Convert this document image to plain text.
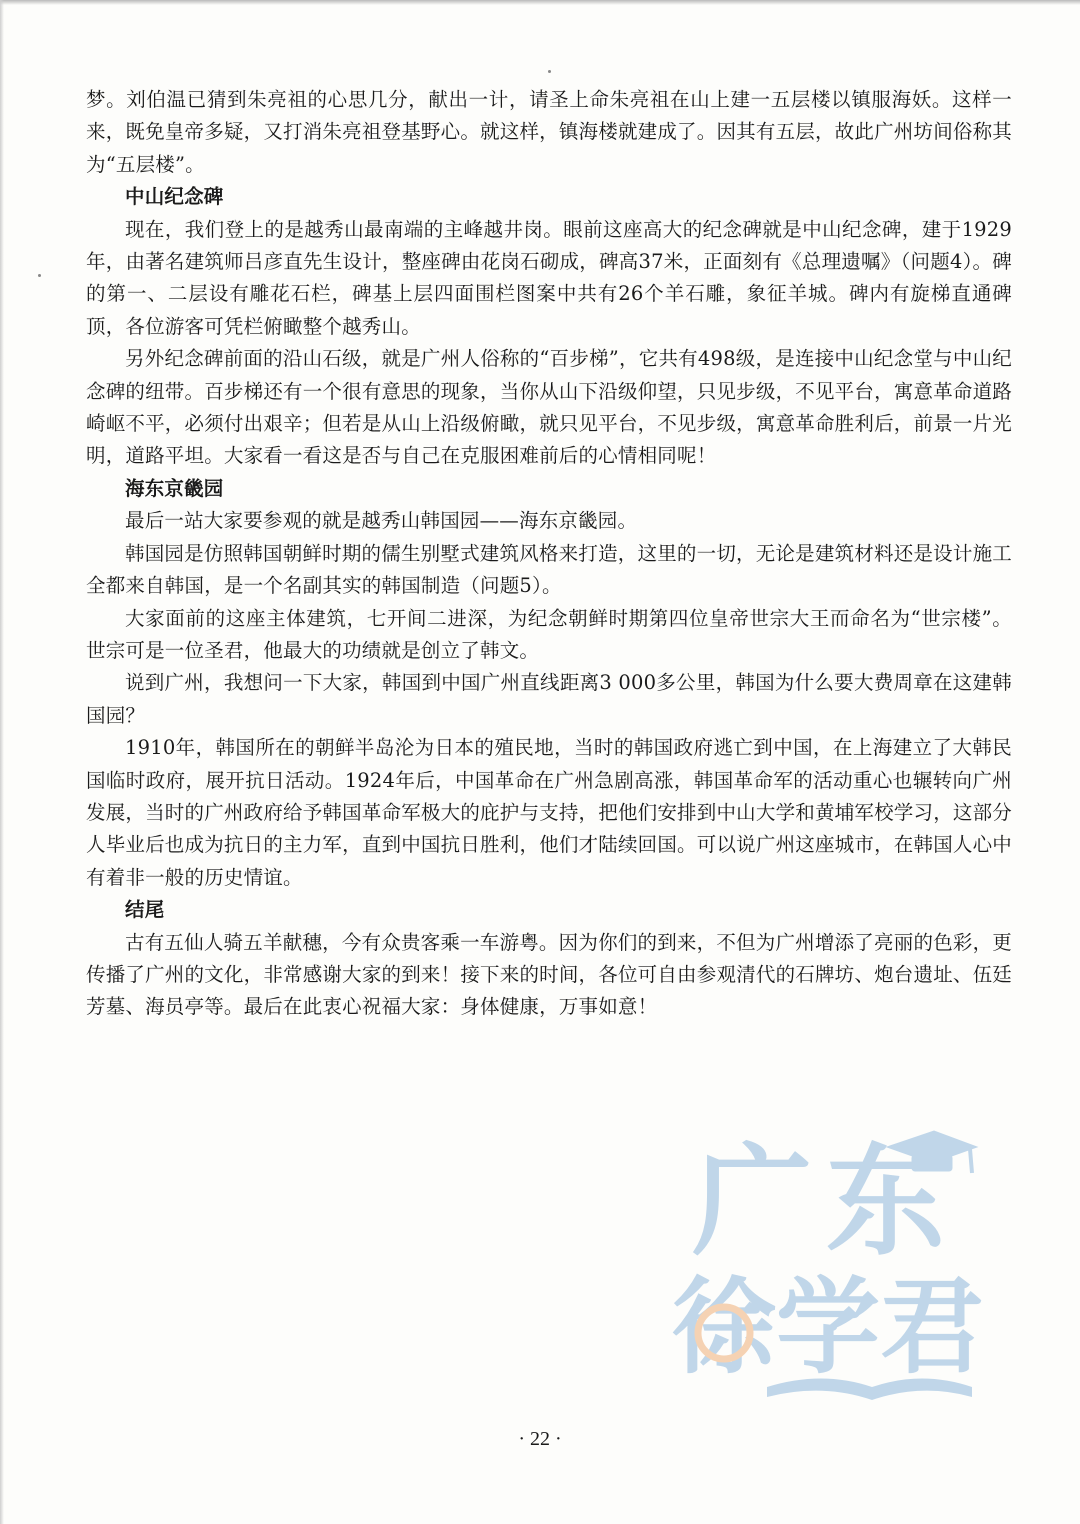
梦。刘伯温已猜到朱亮祖的心思几分，献出一计，请圣上命朱亮祖在山上建一五层楼以镇服海妖。这样一来，既免皇帝多疑，又打消朱亮祖登基野心。就这样，镇海楼就建成了。因其有五层，故此广州坊间俗称其为“五层楼”。

中山纪念碑

现在，我们登上的是越秀山最南端的主峰越井岗。眼前这座高大的纪念碑就是中山纪念碑，建于1929年，由著名建筑师吕彦直先生设计，整座碑由花岗石砌成，碑高37米，正面刻有《总理遗嘱》（问题4）。碑的第一、二层设有雕花石栏，碑基上层四面围栏图案中共有26个羊石雕，象征羊城。碑内有旋梯直通碑顶，各位游客可凭栏俯瞰整个越秀山。

另外纪念碑前面的沿山石级，就是广州人俗称的“百步梯”，它共有498级，是连接中山纪念堂与中山纪念碑的纽带。百步梯还有一个很有意思的现象，当你从山下沿级仰望，只见步级，不见平台，寓意革命道路崎岖不平，必须付出艰辛；但若是从山上沿级俯瞰，就只见平台，不见步级，寓意革命胜利后，前景一片光明，道路平坦。大家看一看这是否与自己在克服困难前后的心情相同呢！

海东京畿园

最后一站大家要参观的就是越秀山韩国园——海东京畿园。

韩国园是仿照韩国朝鲜时期的儒生别墅式建筑风格来打造，这里的一切，无论是建筑材料还是设计施工全都来自韩国，是一个名副其实的韩国制造（问题5）。

大家面前的这座主体建筑，七开间二进深，为纪念朝鲜时期第四位皇帝世宗大王而命名为“世宗楼”。世宗可是一位圣君，他最大的功绩就是创立了韩文。

说到广州，我想问一下大家，韩国到中国广州直线距离3 000多公里，韩国为什么要大费周章在这建韩国园？

1910年，韩国所在的朝鲜半岛沦为日本的殖民地，当时的韩国政府逃亡到中国，在上海建立了大韩民国临时政府，展开抗日活动。1924年后，中国革命在广州急剧高涨，韩国革命军的活动重心也辗转向广州发展，当时的广州政府给予韩国革命军极大的庇护与支持，把他们安排到中山大学和黄埔军校学习，这部分人毕业后也成为抗日的主力军，直到中国抗日胜利，他们才陆续回国。可以说广州这座城市，在韩国人心中有着非一般的历史情谊。

结尾

古有五仙人骑五羊献穗，今有众贵客乘一车游粤。因为你们的到来，不但为广州增添了亮丽的色彩，更传播了广州的文化，非常感谢大家的到来！接下来的时间，各位可自由参观清代的石牌坊、炮台遗址、伍廷芳墓、海员亭等。最后在此衷心祝福大家：身体健康，万事如意！

广东
徐学君
· 22 ·
